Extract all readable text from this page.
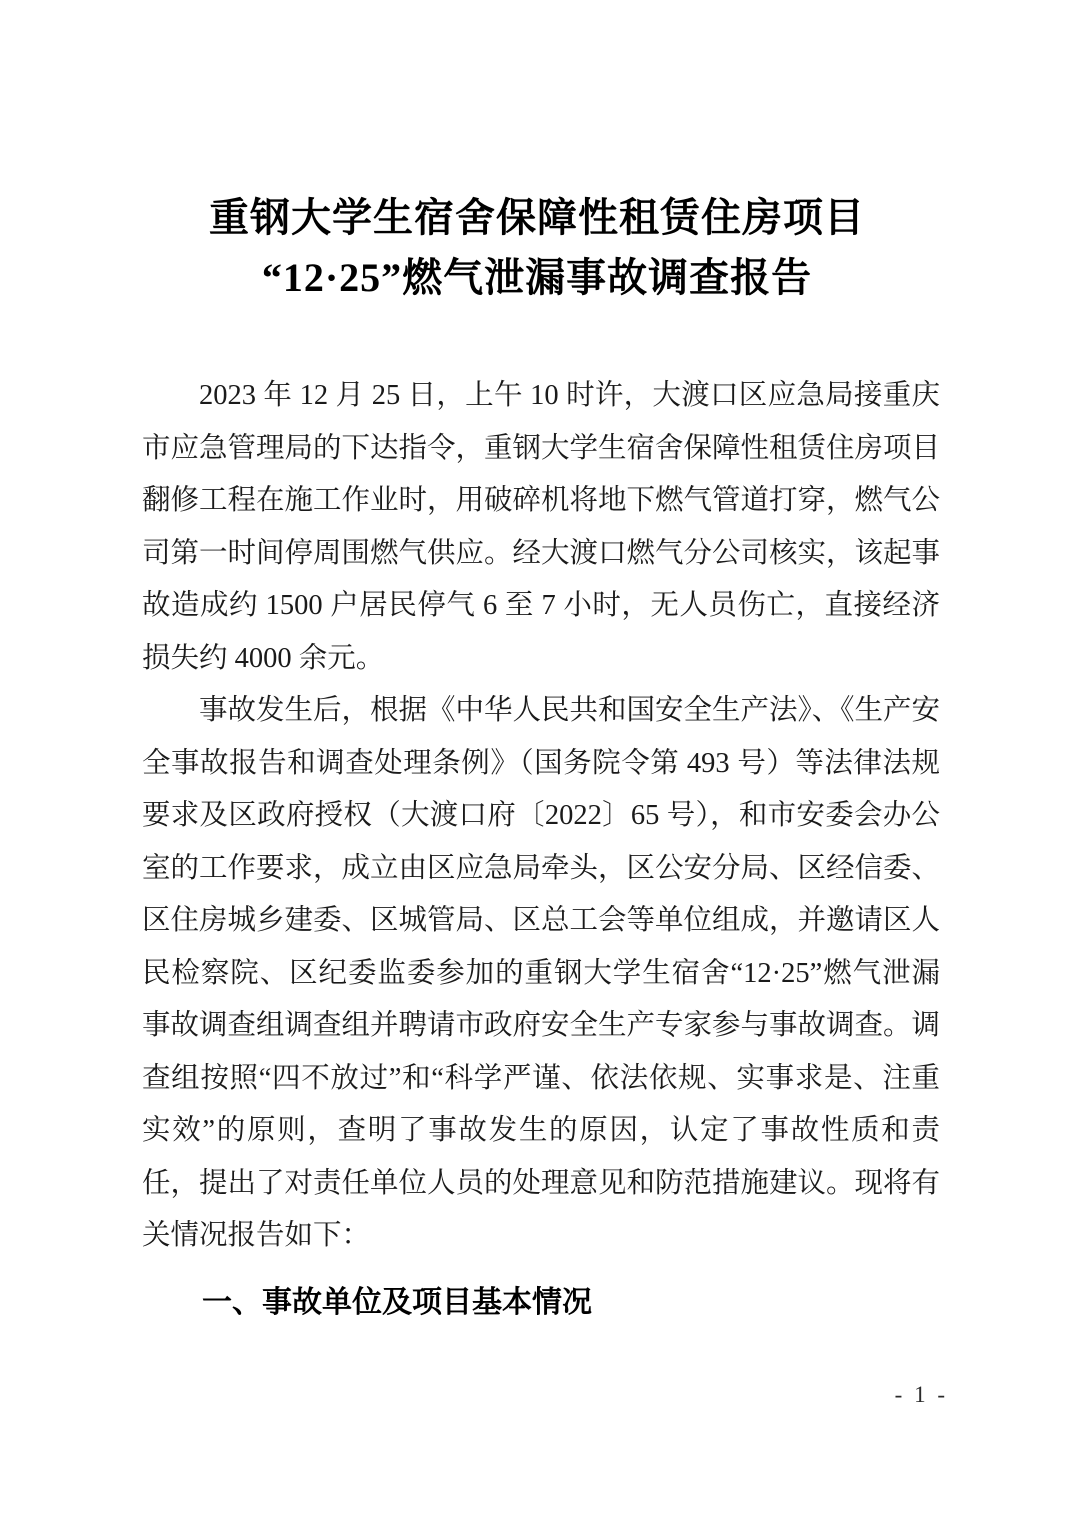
重钢大学生宿舍保障性租赁住房项目
“12·25”燃气泄漏事故调查报告

2023 年 12 月 25 日，上午 10 时许，大渡口区应急局接重庆市应急管理局的下达指令，重钢大学生宿舍保障性租赁住房项目翻修工程在施工作业时，用破碎机将地下燃气管道打穿，燃气公司第一时间停周围燃气供应。经大渡口燃气分公司核实，该起事故造成约 1500 户居民停气 6 至 7 小时，无人员伤亡，直接经济损失约 4000 余元。

事故发生后，根据《中华人民共和国安全生产法》、《生产安全事故报告和调查处理条例》（国务院令第 493 号）等法律法规要求及区政府授权（大渡口府〔2022〕65 号），和市安委会办公室的工作要求，成立由区应急局牵头，区公安分局、区经信委、区住房城乡建委、区城管局、区总工会等单位组成，并邀请区人民检察院、区纪委监委参加的重钢大学生宿舍“12·25”燃气泄漏事故调查组调查组并聘请市政府安全生产专家参与事故调查。调查组按照“四不放过”和“科学严谨、依法依规、实事求是、注重实效”的原则，查明了事故发生的原因，认定了事故性质和责任，提出了对责任单位人员的处理意见和防范措施建议。现将有关情况报告如下：

一、事故单位及项目基本情况
- 1 -
